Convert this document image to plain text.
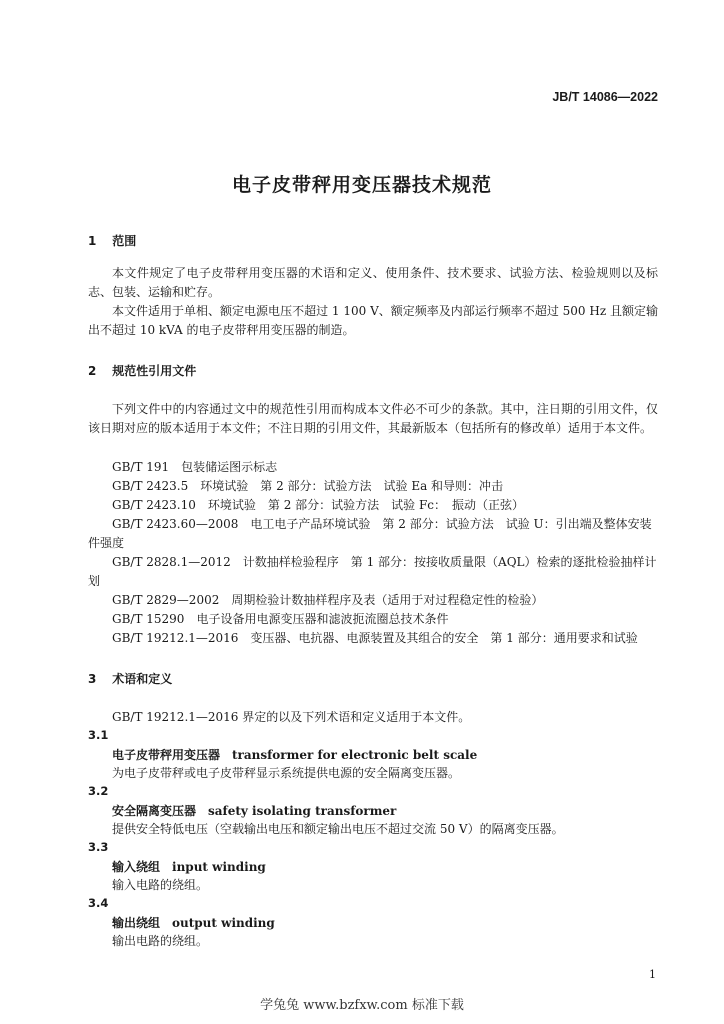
JB/T 14086—2022
电子皮带秤用变压器技术规范
1 范围
本文件规定了电子皮带秤用变压器的术语和定义、使用条件、技术要求、试验方法、检验规则以及标志、包装、运输和贮存。
本文件适用于单相、额定电源电压不超过 1 100 V、额定频率及内部运行频率不超过 500 Hz 且额定输出不超过 10 kVA 的电子皮带秤用变压器的制造。
2 规范性引用文件
下列文件中的内容通过文中的规范性引用而构成本文件必不可少的条款。其中，注日期的引用文件，仅该日期对应的版本适用于本文件；不注日期的引用文件，其最新版本（包括所有的修改单）适用于本文件。
GB/T 191　包装储运图示标志
GB/T 2423.5　环境试验　第 2 部分：试验方法　试验 Ea 和导则：冲击
GB/T 2423.10　环境试验　第 2 部分：试验方法　试验 Fc：　振动（正弦）
GB/T 2423.60—2008　电工电子产品环境试验　第 2 部分：试验方法　试验 U：引出端及整体安装件强度
GB/T 2828.1—2012　计数抽样检验程序　第 1 部分：按接收质量限（AQL）检索的逐批检验抽样计划
GB/T 2829—2002　周期检验计数抽样程序及表（适用于对过程稳定性的检验）
GB/T 15290　电子设备用电源变压器和滤波扼流圈总技术条件
GB/T 19212.1—2016　变压器、电抗器、电源装置及其组合的安全　第 1 部分：通用要求和试验
3 术语和定义
GB/T 19212.1—2016 界定的以及下列术语和定义适用于本文件。
3.1
电子皮带秤用变压器 transformer for electronic belt scale
为电子皮带秤或电子皮带秤显示系统提供电源的安全隔离变压器。
3.2
安全隔离变压器 safety isolating transformer
提供安全特低电压（空载输出电压和额定输出电压不超过交流 50 V）的隔离变压器。
3.3
输入绕组 input winding
输入电路的绕组。
3.4
输出绕组 output winding
输出电路的绕组。
1
学兔兔 www.bzfxw.com 标准下载
